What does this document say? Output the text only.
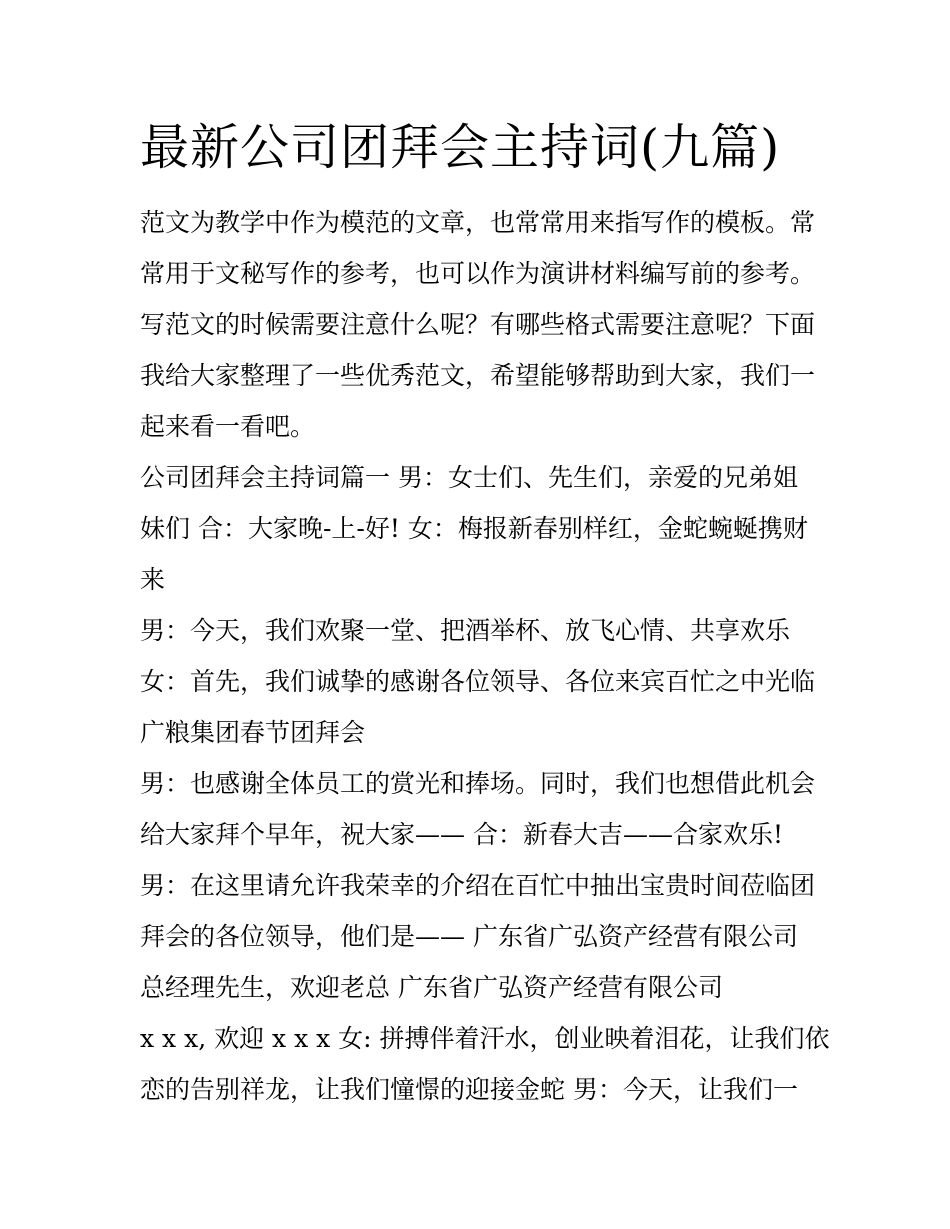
最新公司团拜会主持词(九篇)
范文为教学中作为模范的文章，也常常用来指写作的模板。常
常用于文秘写作的参考，也可以作为演讲材料编写前的参考。
写范文的时候需要注意什么呢？有哪些格式需要注意呢？下面
我给大家整理了一些优秀范文，希望能够帮助到大家，我们一
起来看一看吧。
公司团拜会主持词篇一 男：女士们、先生们，亲爱的兄弟姐
妹们 合：大家晚-上-好! 女：梅报新春别样红，金蛇蜿蜒携财
来
男：今天，我们欢聚一堂、把酒举杯、放飞心情、共享欢乐
女：首先，我们诚挚的感谢各位领导、各位来宾百忙之中光临
广粮集团春节团拜会
男：也感谢全体员工的赏光和捧场。同时，我们也想借此机会
给大家拜个早年，祝大家—— 合：新春大吉——合家欢乐!
男：在这里请允许我荣幸的介绍在百忙中抽出宝贵时间莅临团
拜会的各位领导，他们是—— 广东省广弘资产经营有限公司
总经理先生，欢迎老总 广东省广弘资产经营有限公司
x x x, 欢迎 x x x 女: 拼搏伴着汗水，创业映着泪花，让我们依
恋的告别祥龙，让我们憧憬的迎接金蛇 男：今天，让我们一
